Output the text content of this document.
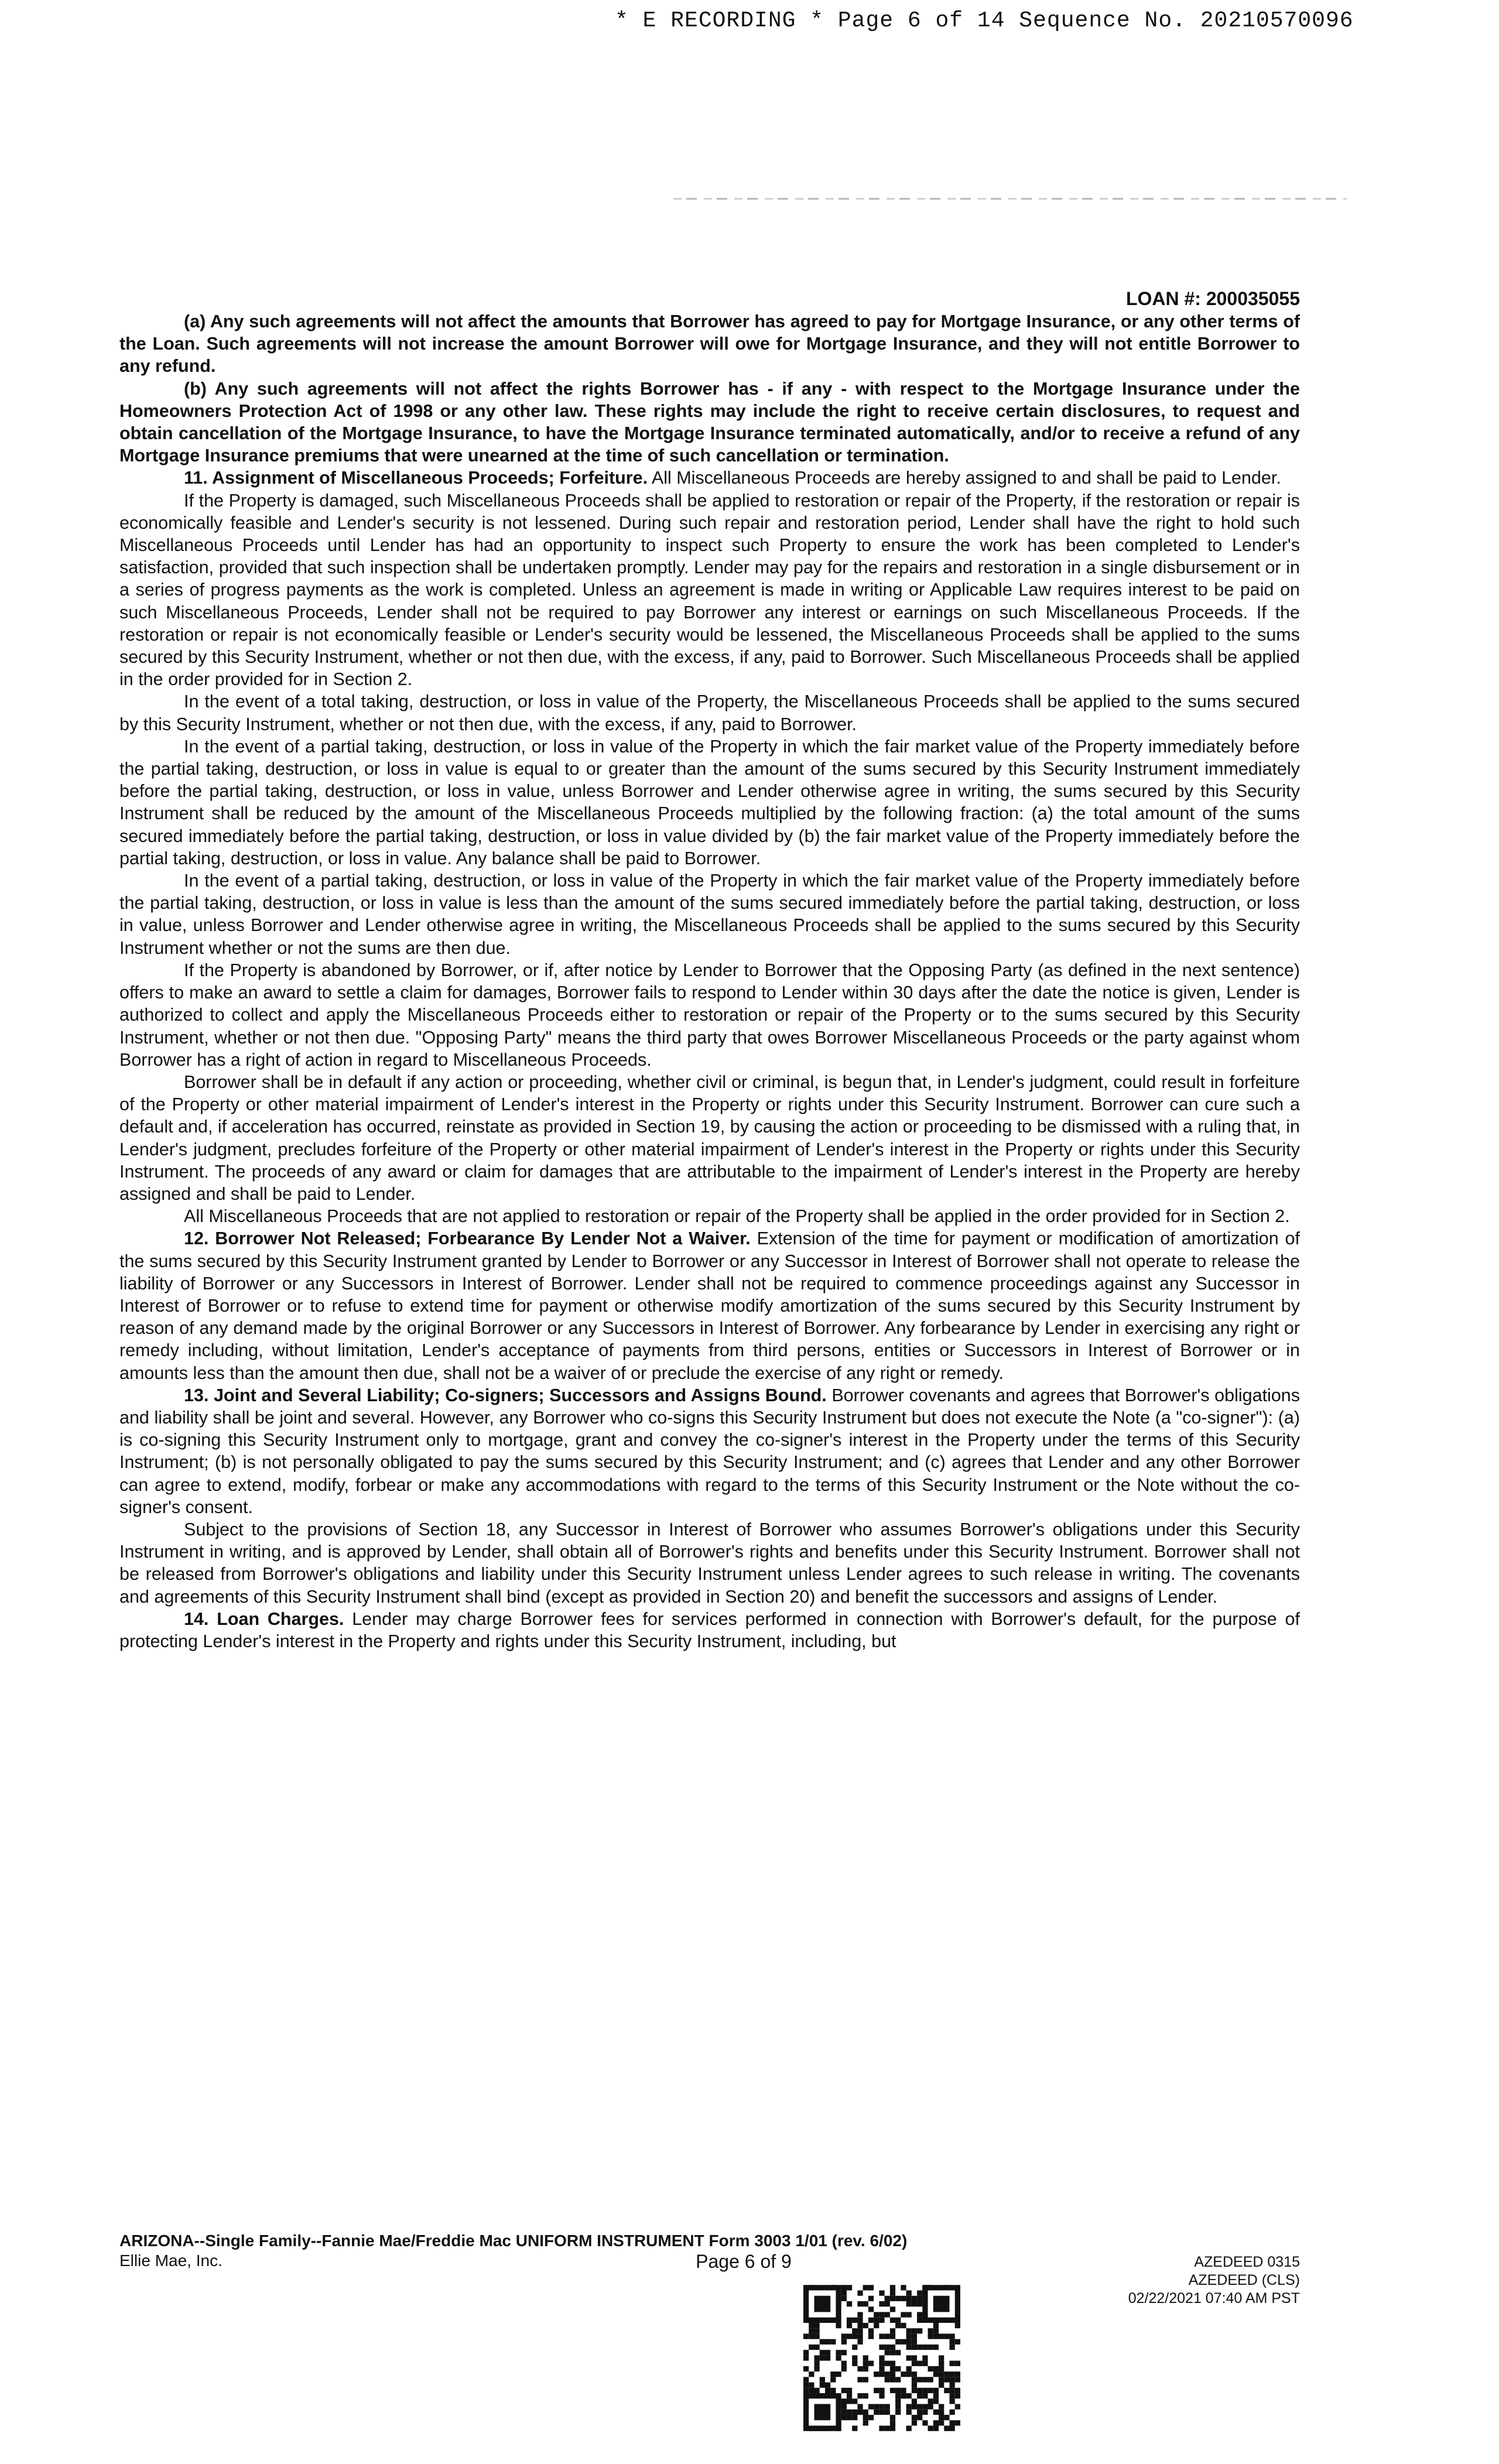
* E RECORDING * Page 6 of 14 Sequence No. 20210570096
LOAN #: 200035055

(a) Any such agreements will not affect the amounts that Borrower has agreed to pay for Mortgage Insurance, or any other terms of the Loan. Such agreements will not increase the amount Borrower will owe for Mortgage Insurance, and they will not entitle Borrower to any refund.

(b) Any such agreements will not affect the rights Borrower has - if any - with respect to the Mortgage Insurance under the Homeowners Protection Act of 1998 or any other law. These rights may include the right to receive certain disclosures, to request and obtain cancellation of the Mortgage Insurance, to have the Mortgage Insurance terminated automatically, and/or to receive a refund of any Mortgage Insurance premiums that were unearned at the time of such cancellation or termination.

11. Assignment of Miscellaneous Proceeds; Forfeiture. All Miscellaneous Proceeds are hereby assigned to and shall be paid to Lender.

If the Property is damaged, such Miscellaneous Proceeds shall be applied to restoration or repair of the Property, if the restoration or repair is economically feasible and Lender's security is not lessened. During such repair and restoration period, Lender shall have the right to hold such Miscellaneous Proceeds until Lender has had an opportunity to inspect such Property to ensure the work has been completed to Lender's satisfaction, provided that such inspection shall be undertaken promptly. Lender may pay for the repairs and restoration in a single disbursement or in a series of progress payments as the work is completed. Unless an agreement is made in writing or Applicable Law requires interest to be paid on such Miscellaneous Proceeds, Lender shall not be required to pay Borrower any interest or earnings on such Miscellaneous Proceeds. If the restoration or repair is not economically feasible or Lender's security would be lessened, the Miscellaneous Proceeds shall be applied to the sums secured by this Security Instrument, whether or not then due, with the excess, if any, paid to Borrower. Such Miscellaneous Proceeds shall be applied in the order provided for in Section 2.

In the event of a total taking, destruction, or loss in value of the Property, the Miscellaneous Proceeds shall be applied to the sums secured by this Security Instrument, whether or not then due, with the excess, if any, paid to Borrower.

In the event of a partial taking, destruction, or loss in value of the Property in which the fair market value of the Property immediately before the partial taking, destruction, or loss in value is equal to or greater than the amount of the sums secured by this Security Instrument immediately before the partial taking, destruction, or loss in value, unless Borrower and Lender otherwise agree in writing, the sums secured by this Security Instrument shall be reduced by the amount of the Miscellaneous Proceeds multiplied by the following fraction: (a) the total amount of the sums secured immediately before the partial taking, destruction, or loss in value divided by (b) the fair market value of the Property immediately before the partial taking, destruction, or loss in value. Any balance shall be paid to Borrower.

In the event of a partial taking, destruction, or loss in value of the Property in which the fair market value of the Property immediately before the partial taking, destruction, or loss in value is less than the amount of the sums secured immediately before the partial taking, destruction, or loss in value, unless Borrower and Lender otherwise agree in writing, the Miscellaneous Proceeds shall be applied to the sums secured by this Security Instrument whether or not the sums are then due.

If the Property is abandoned by Borrower, or if, after notice by Lender to Borrower that the Opposing Party (as defined in the next sentence) offers to make an award to settle a claim for damages, Borrower fails to respond to Lender within 30 days after the date the notice is given, Lender is authorized to collect and apply the Miscellaneous Proceeds either to restoration or repair of the Property or to the sums secured by this Security Instrument, whether or not then due. "Opposing Party" means the third party that owes Borrower Miscellaneous Proceeds or the party against whom Borrower has a right of action in regard to Miscellaneous Proceeds.

Borrower shall be in default if any action or proceeding, whether civil or criminal, is begun that, in Lender's judgment, could result in forfeiture of the Property or other material impairment of Lender's interest in the Property or rights under this Security Instrument. Borrower can cure such a default and, if acceleration has occurred, reinstate as provided in Section 19, by causing the action or proceeding to be dismissed with a ruling that, in Lender's judgment, precludes forfeiture of the Property or other material impairment of Lender's interest in the Property or rights under this Security Instrument. The proceeds of any award or claim for damages that are attributable to the impairment of Lender's interest in the Property are hereby assigned and shall be paid to Lender.

All Miscellaneous Proceeds that are not applied to restoration or repair of the Property shall be applied in the order provided for in Section 2.

12. Borrower Not Released; Forbearance By Lender Not a Waiver. Extension of the time for payment or modification of amortization of the sums secured by this Security Instrument granted by Lender to Borrower or any Successor in Interest of Borrower shall not operate to release the liability of Borrower or any Successors in Interest of Borrower. Lender shall not be required to commence proceedings against any Successor in Interest of Borrower or to refuse to extend time for payment or otherwise modify amortization of the sums secured by this Security Instrument by reason of any demand made by the original Borrower or any Successors in Interest of Borrower. Any forbearance by Lender in exercising any right or remedy including, without limitation, Lender's acceptance of payments from third persons, entities or Successors in Interest of Borrower or in amounts less than the amount then due, shall not be a waiver of or preclude the exercise of any right or remedy.

13. Joint and Several Liability; Co-signers; Successors and Assigns Bound. Borrower covenants and agrees that Borrower's obligations and liability shall be joint and several. However, any Borrower who co-signs this Security Instrument but does not execute the Note (a "co-signer"): (a) is co-signing this Security Instrument only to mortgage, grant and convey the co-signer's interest in the Property under the terms of this Security Instrument; (b) is not personally obligated to pay the sums secured by this Security Instrument; and (c) agrees that Lender and any other Borrower can agree to extend, modify, forbear or make any accommodations with regard to the terms of this Security Instrument or the Note without the co-signer's consent.

Subject to the provisions of Section 18, any Successor in Interest of Borrower who assumes Borrower's obligations under this Security Instrument in writing, and is approved by Lender, shall obtain all of Borrower's rights and benefits under this Security Instrument. Borrower shall not be released from Borrower's obligations and liability under this Security Instrument unless Lender agrees to such release in writing. The covenants and agreements of this Security Instrument shall bind (except as provided in Section 20) and benefit the successors and assigns of Lender.

14. Loan Charges. Lender may charge Borrower fees for services performed in connection with Borrower's default, for the purpose of protecting Lender's interest in the Property and rights under this Security Instrument, including, but

ARIZONA--Single Family--Fannie Mae/Freddie Mac UNIFORM INSTRUMENT Form 3003 1/01 (rev. 6/02)
Ellie Mae, Inc.	Page 6 of 9	AZEDEED 0315
AZEDEED (CLS)
02/22/2021 07:40 AM PST
